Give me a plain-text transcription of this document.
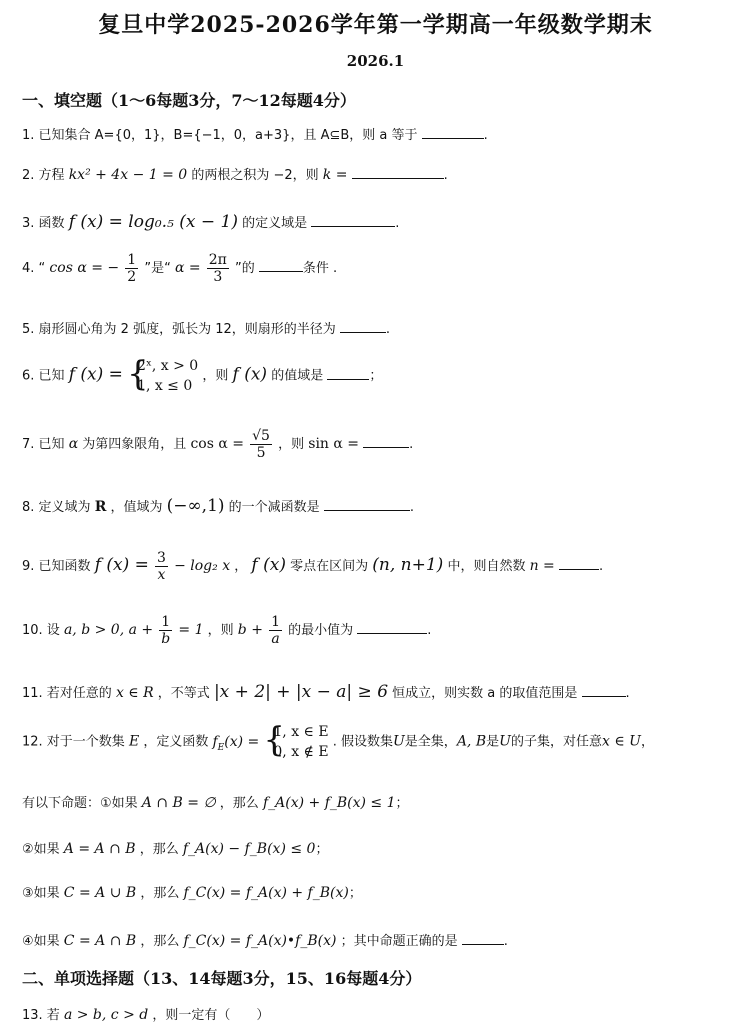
复旦中学2025-2026学年第一学期高一年级数学期末
2026.1
一、填空题（1～6每题3分，7～12每题4分）
1. 已知集合 A={0，1}，B={−1，0，a+3}，且 A⊆B，则 a 等于	.
2. 方程 kx² + 4x − 1 = 0 的两根之积为 −2，则 k =	.
3. 函数 f (x) = log₀.₅ (x − 1) 的定义域是	.
4. “ cos α = − $\frac{1}{2}$ ”是“ $\alpha = \frac{2\pi}{3}$ ”的	条件 .
5. 扇形圆心角为 2 弧度，弧长为 12，则扇形的半径为	.
6. 已知 f (x) = {
2ˣ, x > 0
1, x ≤ 0
，则 f (x) 的值域是	；
7. 已知 α 为第四象限角，且 $\cos \alpha = \frac{√5}{5}$ ，则 sin α =	.
8. 定义域为 R ，值域为 (−∞,1) 的一个减函数是	.
9. 已知函数 f $(x) = \frac{3}{x} - \log_2$ x ， f (x) 零点在区间为 (n, n+1) 中，则自然数 n =	.
10. 设 a, b > 0, $a + \frac{1}{b} = 1$ ，则 $b + \frac{1}{a}$ 的最小值为	.
11. 若对任意的 x ∈ R ，不等式 |x + 2| + |x − a| ≥ 6 恒成立，则实数 a 的取值范围是	.
12. 对于一个数集 E ，定义函数 $f_E(x)$ = {
1, x ∈ E
0, x ∉ E
. 假设数集U是全集，A, B是U的子集，对任意x ∈ U，
有以下命题：①如果 A ∩ B = ∅ ，那么 f_A(x) + f_B(x) ≤ 1；
②如果 A = A ∩ B ，那么 f_A(x) − f_B(x) ≤ 0；
③如果 C = A ∪ B ，那么 f_C(x) = f_A(x) + f_B(x)；
④如果 C = A ∩ B ，那么 f_C(x) = f_A(x)•f_B(x) ；其中命题正确的是	.
二、单项选择题（13、14每题3分，15、16每题4分）
13. 若 a > b, c > d ，则一定有（　　）
